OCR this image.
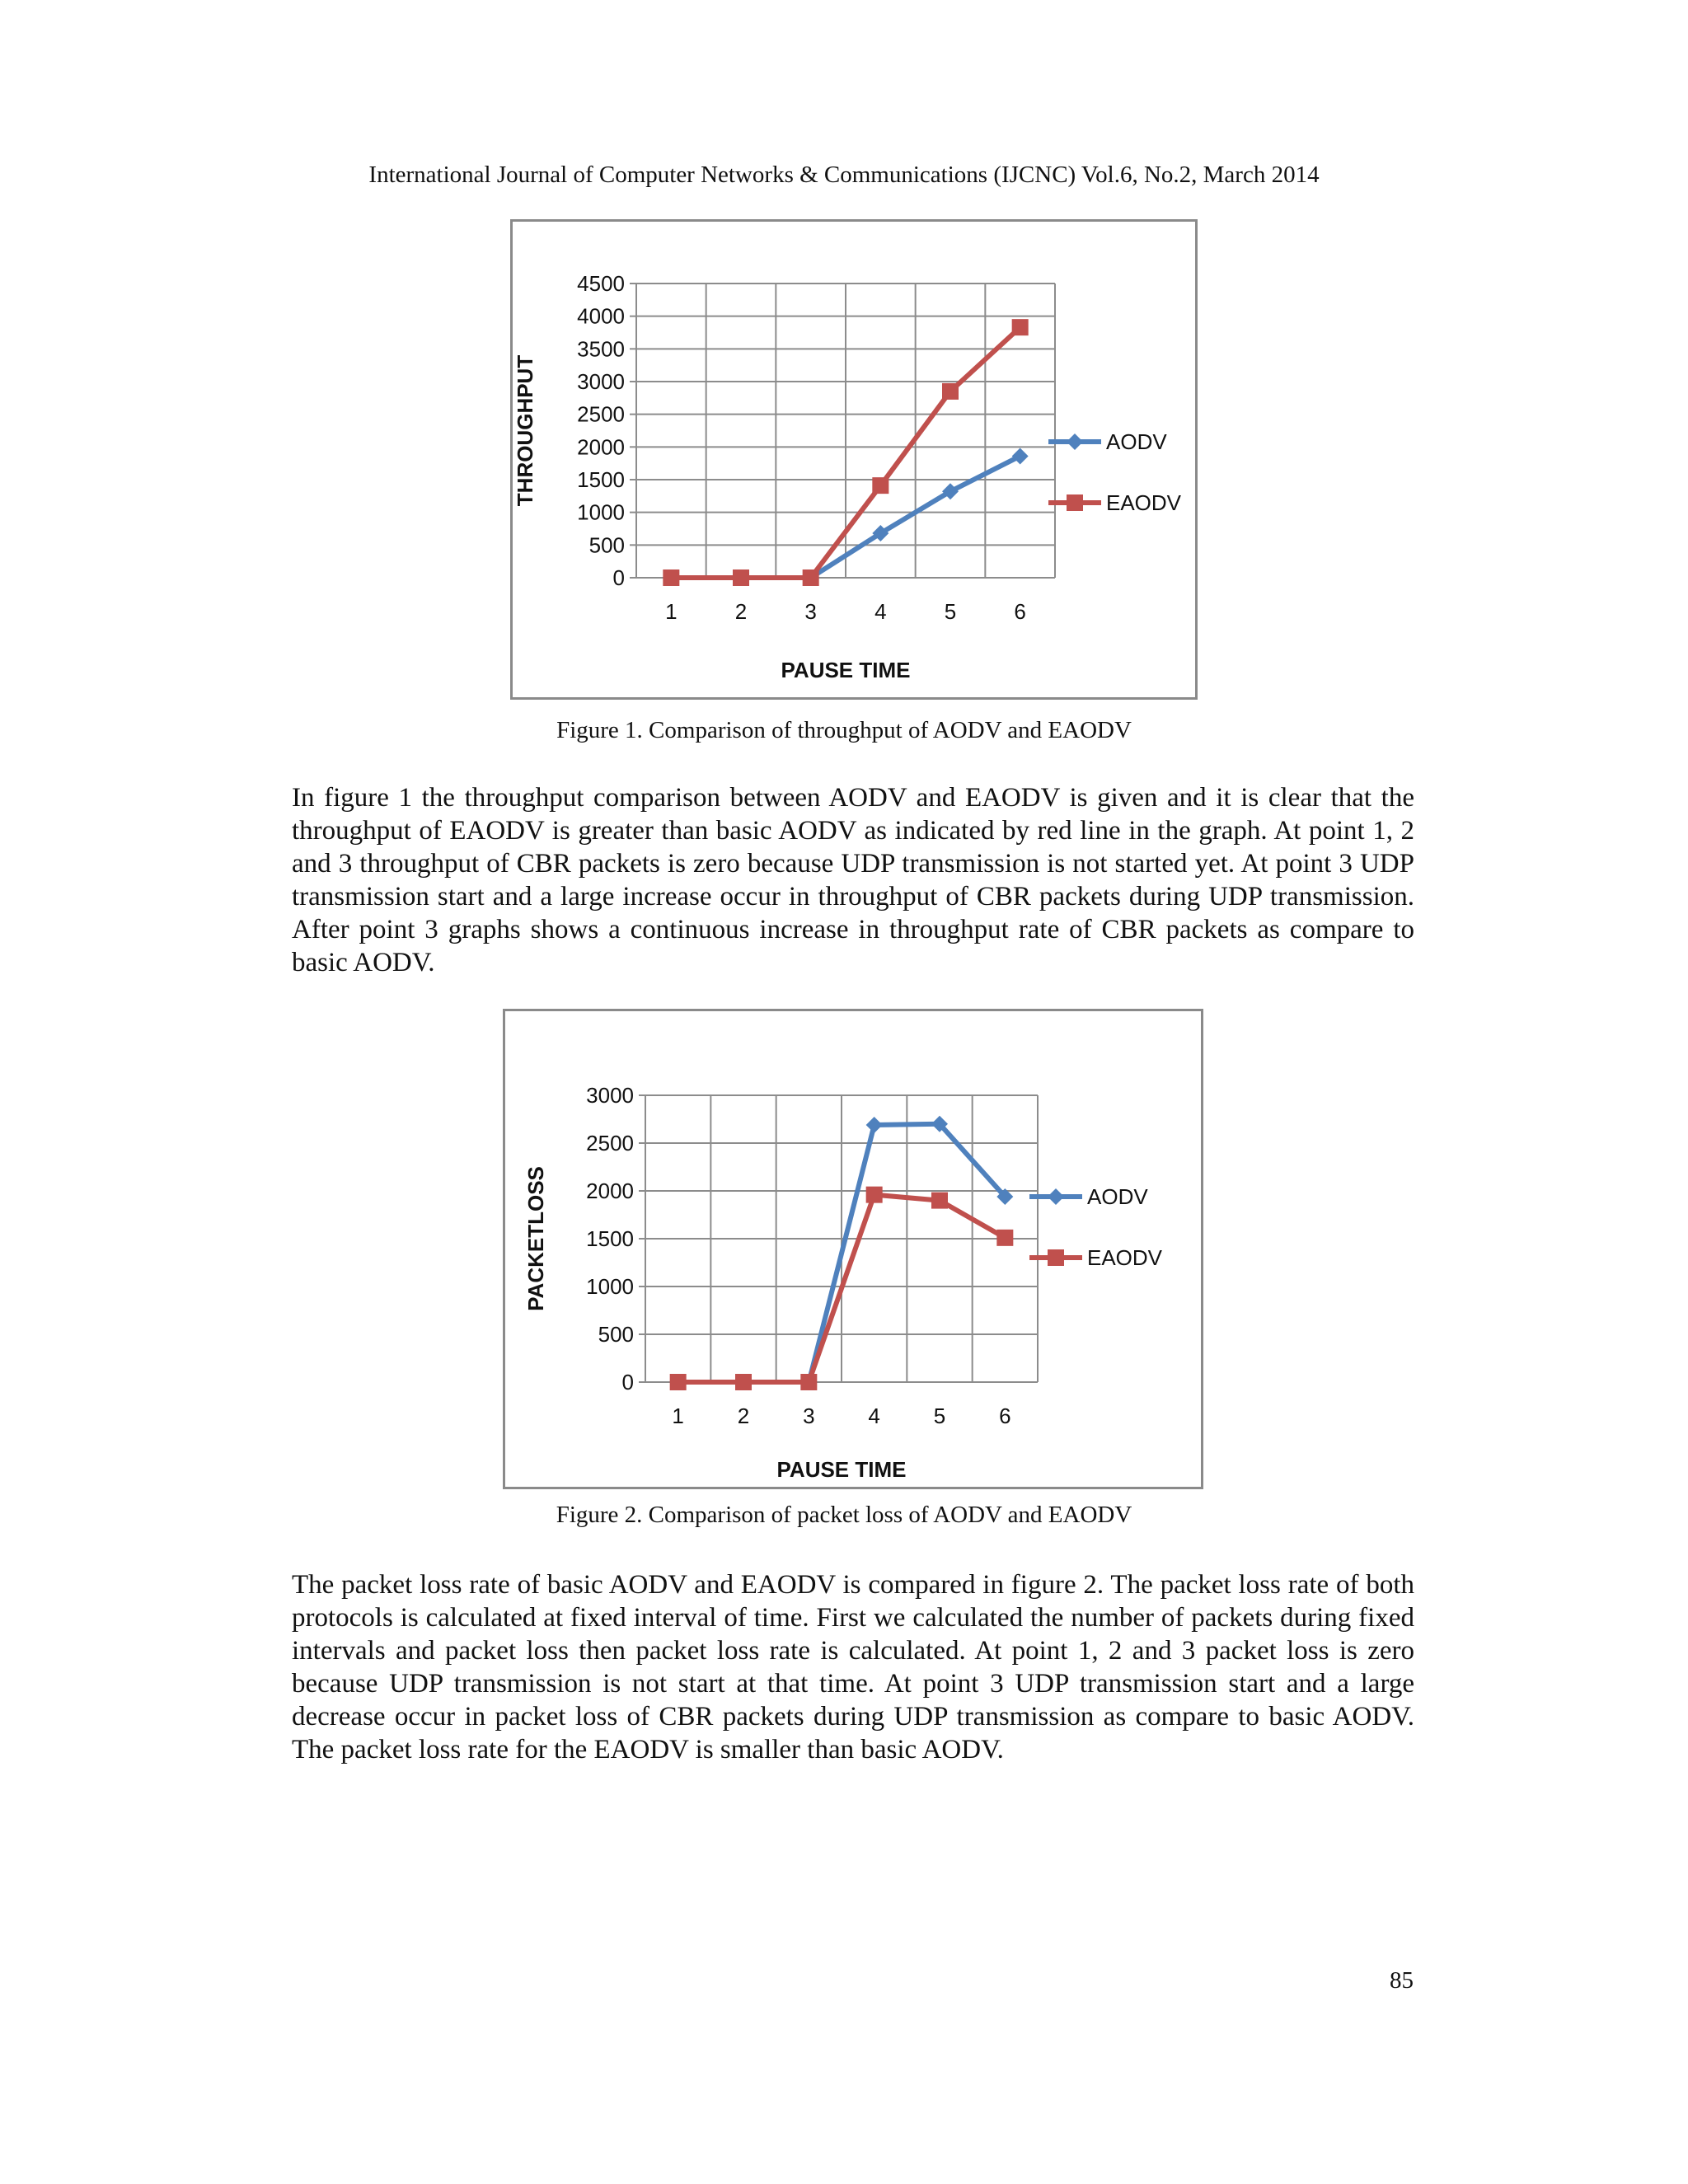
International Journal of Computer Networks & Communications (IJCNC) Vol.6, No.2, March 2014
0
500
1000
1500
2000
2500
3000
3500
4000
4500
1	2	3	4	5	6
PAUSE TIME
THROUGHPUT	AODV
EAODV
Figure 1. Comparison of throughput of AODV and EAODV

In figure 1 the throughput comparison between AODV and EAODV is given and it is clear that the throughput of EAODV is greater than basic AODV as indicated by red line in the graph. At point 1, 2 and 3 throughput of CBR packets is zero because UDP transmission is not started yet. At point 3 UDP transmission start and a large increase occur in throughput of CBR packets during UDP transmission. After point 3 graphs shows a continuous increase in throughput rate of CBR packets as compare to basic AODV.

0
500
1000
1500
2000
2500
3000
1 2 3 4 5 6
PAUSE TIME
PACKETLOSS	AODV
EAODV
Figure 2. Comparison of packet loss of AODV and EAODV

The packet loss rate of basic AODV and EAODV is compared in figure 2. The packet loss rate of both protocols is calculated at fixed interval of time. First we calculated the number of packets during fixed intervals and packet loss then packet loss rate is calculated. At point 1, 2 and 3 packet loss is zero because UDP transmission is not start at that time. At point 3 UDP transmission start and a large decrease occur in packet loss of CBR packets during UDP transmission as compare to basic AODV. The packet loss rate for the EAODV is smaller than basic AODV.

85
